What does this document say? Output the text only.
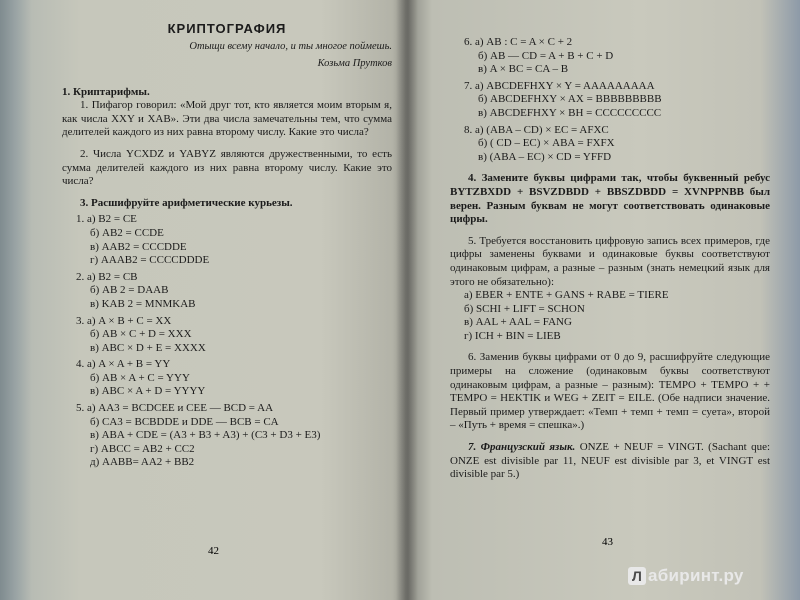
КРИПТОГРАФИЯ
Отыщи всему начало, и ты многое поймешь.
Козьма Прутков
1. Криптарифмы.

1. Пифагор говорил: «Мой друг тот, кто является моим вторым я, как числа XXY и XAB». Эти два числа замечательны тем, что сумма делителей каждого из них равна второму числу. Какие это числа?

2. Числа YCXDZ и YABYZ являются дружественными, то есть сумма делителей каждого из них равна второму числу. Какие это числа?

3. Расшифруйте арифметические курьезы.

1. а) B2 = CE
б) AB2 = CCDE
в) AAB2 = CCCDDE
г) AAAB2 = CCCCDDDE
2. а) B2 = CB
б) AB 2 = DAAB
в) KAB 2 = MNMKAB
3. а) A × B + C = XX
б) AB × C + D = XXX
в) ABC × D + E = XXXX
4. а) A × A + B = YY
б) AB × A + C = YYY
в) ABC × A + D = YYYY
5. а) AA3 = BCDCEE и CEE — BCD = AA
б) CA3 = BCBDDE и DDE — BCB = CA
в) ABA + CDE = (A3 + B3 + A3) + (C3 + D3 + E3)
г) ABCC = AB2 + CC2
д) AABB= AA2 + BB2
42
6. а) AB : C = A × C + 2
б) AB — CD = A + B + C + D
в) A × BC = CA – B
7. а) ABCDEFHXY × Y = AAAAAAAAA
б) ABCDEFHXY × AX = BBBBBBBBB
в) ABCDEFHXY × BH = CCCCCCCCC
8. а) (ABA – CD) × EC = AFXC
б) ( CD – EC) × ABA = FXFX
в) (ABA – EC) × CD = YFFD

4. Замените буквы цифрами так, чтобы буквенный ребус BYTZBXDD + BSVZDBDD + BBSZDBDD = XVNPPNBB был верен. Разным буквам не могут соответствовать одинаковые цифры.

5. Требуется восстановить цифровую запись всех примеров, где цифры заменены буквами и одинаковые буквы соответствуют одинаковым цифрам, а разные – разным (знать немецкий язык для этого не обязательно):

а) EBER + ENTE + GANS + RABE = TIERE
б) SCHI + LIFT = SCHON
в) AAL + AAL = FANG
г) ICH + BIN = LIEB

6. Заменив буквы цифрами от 0 до 9, расшифруйте следующие примеры на сложение (одинаковым буквы соответствуют одинаковым цифрам, а разные – разным): TEMPO + TEMPO + + TEMPO = HEKTIK и WEG + ZEIT = EILE. (Обе надписи значение. Первый пример утверждает: «Темп + темп + темп = суета», второй – «Путь + время = спешка».)

7. Французский язык. ONZE + NEUF = VINGT. (Sachant que: ONZE est divisible par 11, NEUF est divisible par 3, et VINGT est divisible par 5.)

43
Л абиринт.ру
